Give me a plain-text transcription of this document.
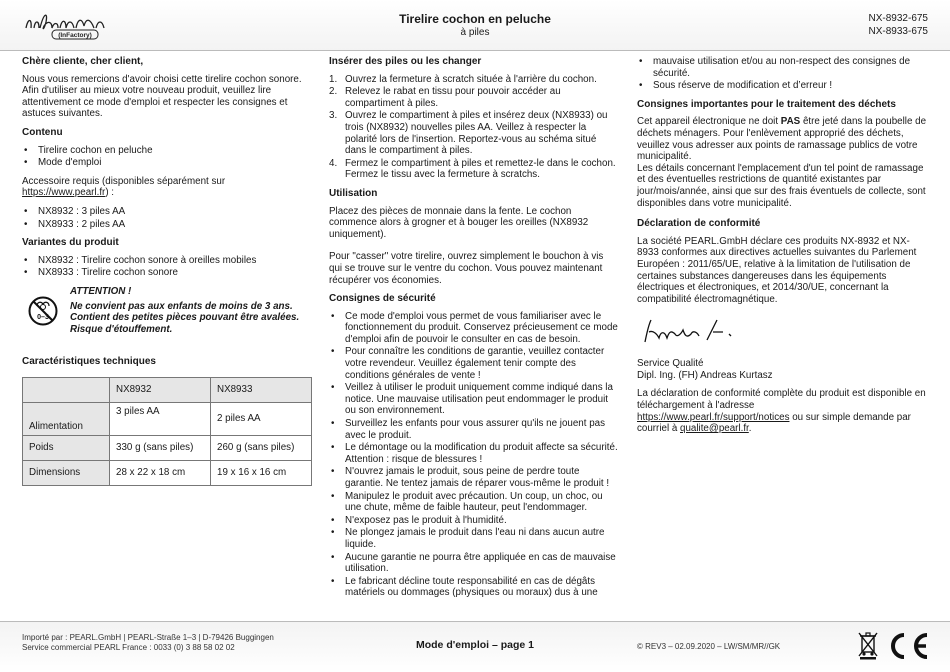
(InFactory)
Tirelire cochon en peluche
à piles
NX-8932-675
NX-8933-675
Chère cliente, cher client,

Nous vous remercions d'avoir choisi cette tirelire cochon sonore. Afin d'utiliser au mieux votre nouveau produit, veuillez lire attentivement ce mode d'emploi et respecter les consignes et astuces suivantes.

Contenu
• Tirelire cochon en peluche
• Mode d'emploi

Accessoire requis (disponibles séparément sur https://www.pearl.fr) :

• NX8932 : 3 piles AA
• NX8933 : 2 piles AA
Variantes du produit
• NX8932 : Tirelire cochon sonore à oreilles mobiles
• NX8933 : Tirelire cochon sonore
0–3
ATTENTION !
Ne convient pas aux enfants de moins de 3 ans. Contient des petites pièces pouvant être avalées. Risque d'étouffement.
Caractéristiques techniques
	NX8932	NX8933
Alimentation	3 piles AA	2 piles AA
Poids	330 g (sans piles)	260 g (sans piles)
Dimensions	28 x 22 x 18 cm	19 x 16 x 16 cm
Insérer des piles ou les changer
1. Ouvrez la fermeture à scratch située à l'arrière du cochon.
2. Relevez le rabat en tissu pour pouvoir accéder au compartiment à piles.
3. Ouvrez le compartiment à piles et insérez deux (NX8933) ou trois (NX8932) nouvelles piles AA. Veillez à respecter la polarité lors de l'insertion. Reportez-vous au schéma situé dans le compartiment à piles.
4. Fermez le compartiment à piles et remettez-le dans le cochon. Fermez le tissu avec la fermeture à scratchs.
Utilisation

Placez des pièces de monnaie dans la fente. Le cochon commence alors à grogner et à bouger les oreilles (NX8932 uniquement).

Pour "casser" votre tirelire, ouvrez simplement le bouchon à vis qui se trouve sur le ventre du cochon. Vous pouvez maintenant récupérer vos économies.

Consignes de sécurité
• Ce mode d'emploi vous permet de vous familiariser avec le fonctionnement du produit. Conservez précieusement ce mode d'emploi afin de pouvoir le consulter en cas de besoin.
• Pour connaître les conditions de garantie, veuillez contacter votre revendeur. Veuillez également tenir compte des conditions générales de vente !
• Veillez à utiliser le produit uniquement comme indiqué dans la notice. Une mauvaise utilisation peut endommager le produit ou son environnement.
• Surveillez les enfants pour vous assurer qu'ils ne jouent pas avec le produit.
• Le démontage ou la modification du produit affecte sa sécurité. Attention : risque de blessures !
• N'ouvrez jamais le produit, sous peine de perdre toute garantie. Ne tentez jamais de réparer vous-même le produit !
• Manipulez le produit avec précaution. Un coup, un choc, ou une chute, même de faible hauteur, peut l'endommager.
• N'exposez pas le produit à l'humidité.
• Ne plongez jamais le produit dans l'eau ni dans aucun autre liquide.
• Aucune garantie ne pourra être appliquée en cas de mauvaise utilisation.
• Le fabricant décline toute responsabilité en cas de dégâts matériels ou dommages (physiques ou moraux) dus à une
• mauvaise utilisation et/ou au non-respect des consignes de sécurité.
• Sous réserve de modification et d’erreur !
Consignes importantes pour le traitement des déchets

Cet appareil électronique ne doit PAS être jeté dans la poubelle de déchets ménagers. Pour l'enlèvement approprié des déchets, veuillez vous adresser aux points de ramassage publics de votre municipalité.

Les détails concernant l'emplacement d'un tel point de ramassage et des éventuelles restrictions de quantité existantes par jour/mois/année, ainsi que sur des frais éventuels de collecte, sont disponibles dans votre municipalité.

Déclaration de conformité

La société PEARL.GmbH déclare ces produits NX-8932 et NX-8933 conformes aux directives actuelles suivantes du Parlement Européen : 2011/65/UE, relative à la limitation de l'utilisation de certaines substances dangereuses dans les équipements électriques et électroniques, et 2014/30/UE, concernant la compatibilité électromagnétique.

Service Qualité
Dipl. Ing. (FH) Andreas Kurtasz

La déclaration de conformité complète du produit est disponible en téléchargement à l'adresse
https://www.pearl.fr/support/notices ou sur simple demande par courriel à qualite@pearl.fr.

Importé par : PEARL.GmbH | PEARL-Straße 1–3 | D-79426 Buggingen
Service commercial PEARL France : 0033 (0) 3 88 58 02 02	Mode d'emploi – page 1	© REV3 – 02.09.2020 – LW/SM/MR//GK
